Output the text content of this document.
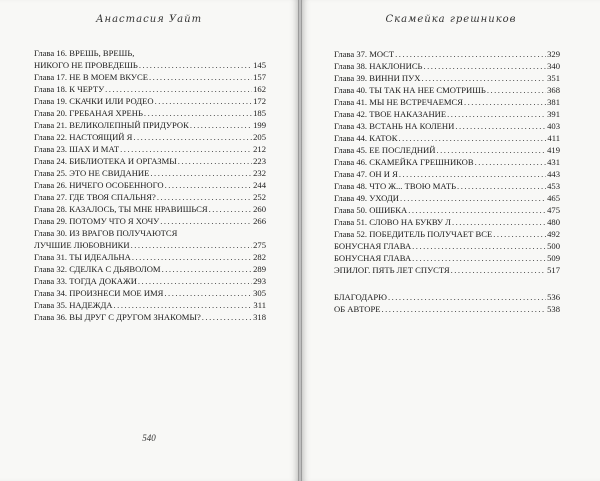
Анастасия Уайт
Глава 16. ВРЕШЬ, ВРЕШЬ,
НИКОГО НЕ ПРОВЕДЕШЬ .....	145
Глава 17. НЕ В МОЕМ ВКУСЕ .....	157
Глава 18. К ЧЕРТУ .....	162
Глава 19. СКАЧКИ ИЛИ РОДЕО .....	172
Глава 20. ГРЕБАНАЯ ХРЕНЬ .....	185
Глава 21. ВЕЛИКОЛЕПНЫЙ ПРИДУРОК .....	199
Глава 22. НАСТОЯЩИЙ Я .....	205
Глава 23. ШАХ И МАТ .....	212
Глава 24. БИБЛИОТЕКА И ОРГАЗМЫ .....	223
Глава 25. ЭТО НЕ СВИДАНИЕ .....	232
Глава 26. НИЧЕГО ОСОБЕННОГО .....	244
Глава 27. ГДЕ ТВОЯ СПАЛЬНЯ? .....	252
Глава 28. КАЗАЛОСЬ, ТЫ МНЕ НРАВИШЬСЯ .....	260
Глава 29. ПОТОМУ ЧТО Я ХОЧУ .....	266
Глава 30. ИЗ ВРАГОВ ПОЛУЧАЮТСЯ
ЛУЧШИЕ ЛЮБОВНИКИ .....	275
Глава 31. ТЫ ИДЕАЛЬНА .....	282
Глава 32. СДЕЛКА С ДЬЯВОЛОМ .....	289
Глава 33. ТОГДА ДОКАЖИ .....	293
Глава 34. ПРОИЗНЕСИ МОЕ ИМЯ .....	305
Глава 35. НАДЕЖДА .....	311
Глава 36. ВЫ ДРУГ С ДРУГОМ ЗНАКОМЫ? .....	318
540
Скамейка грешников
Глава 37. МОСТ .....	329
Глава 38. НАКЛОНИСЬ .....	340
Глава 39. ВИННИ ПУХ .....	351
Глава 40. ТЫ ТАК НА НЕЕ СМОТРИШЬ .....	368
Глава 41. МЫ НЕ ВСТРЕЧАЕМСЯ .....	381
Глава 42. ТВОЕ НАКАЗАНИЕ .....	391
Глава 43. ВСТАНЬ НА КОЛЕНИ .....	403
Глава 44. КАТОК .....	411
Глава 45. ЕЕ ПОСЛЕДНИЙ .....	419
Глава 46. СКАМЕЙКА ГРЕШНИКОВ .....	431
Глава 47. ОН И Я .....	443
Глава 48. ЧТО Ж... ТВОЮ МАТЬ .....	453
Глава 49. УХОДИ .....	465
Глава 50. ОШИБКА .....	475
Глава 51. СЛОВО НА БУКВУ Л .....	480
Глава 52. ПОБЕДИТЕЛЬ ПОЛУЧАЕТ ВСЕ .....	492
БОНУСНАЯ ГЛАВА .....	500
БОНУСНАЯ ГЛАВА .....	509
ЭПИЛОГ. ПЯТЬ ЛЕТ СПУСТЯ .....	517
БЛАГОДАРЮ .....	536
ОБ АВТОРЕ .....	538
